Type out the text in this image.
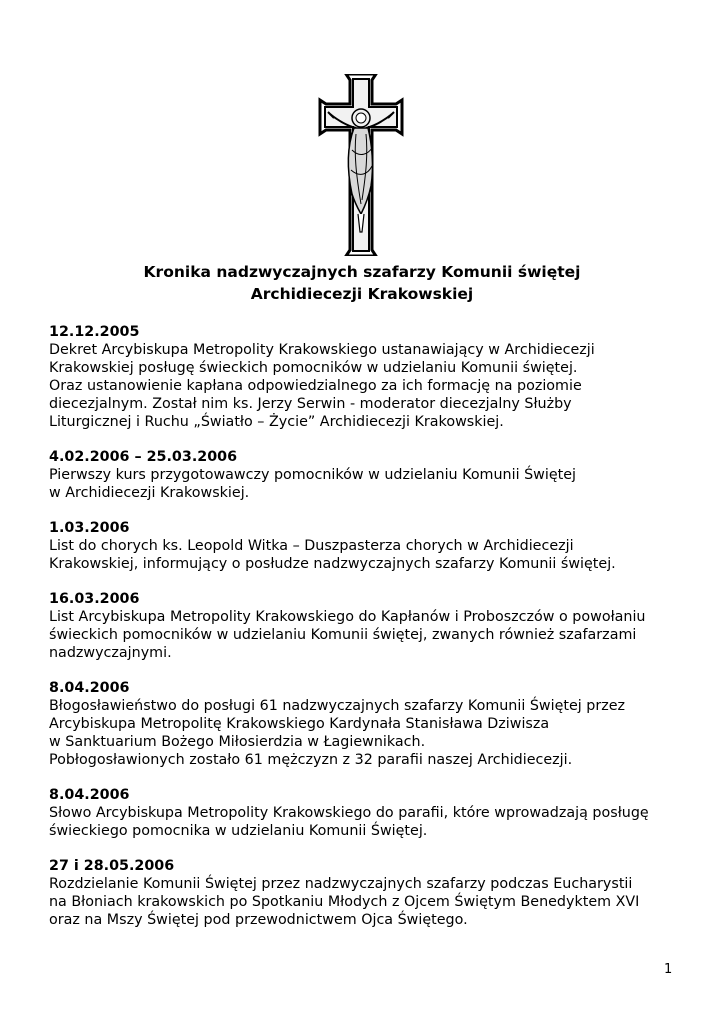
Kronika nadzwyczajnych szafarzy Komunii świętej
Archidiecezji Krakowskiej
12.12.2005
Dekret Arcybiskupa Metropolity Krakowskiego ustanawiający w Archidiecezji
Krakowskiej posługę świeckich pomocników w udzielaniu Komunii świętej.
Oraz ustanowienie kapłana odpowiedzialnego za ich formację na poziomie
diecezjalnym. Został nim ks. Jerzy Serwin - moderator diecezjalny Służby
Liturgicznej i Ruchu „Światło – Życie” Archidiecezji Krakowskiej.
4.02.2006 – 25.03.2006
Pierwszy kurs przygotowawczy pomocników w udzielaniu Komunii Świętej
w Archidiecezji Krakowskiej.
1.03.2006
List do chorych ks. Leopold Witka – Duszpasterza chorych w Archidiecezji
Krakowskiej, informujący o posłudze nadzwyczajnych szafarzy Komunii świętej.
16.03.2006
List Arcybiskupa Metropolity Krakowskiego do Kapłanów i Proboszczów o powołaniu
świeckich pomocników w udzielaniu Komunii świętej, zwanych również szafarzami
nadzwyczajnymi.
8.04.2006
Błogosławieństwo do posługi 61 nadzwyczajnych szafarzy Komunii Świętej przez
Arcybiskupa Metropolitę Krakowskiego Kardynała Stanisława Dziwisza
w Sanktuarium Bożego Miłosierdzia w Łagiewnikach.
Pobłogosławionych zostało 61 mężczyzn z 32 parafii naszej Archidiecezji.
8.04.2006
Słowo Arcybiskupa Metropolity Krakowskiego do parafii, które wprowadzają posługę
świeckiego pomocnika w udzielaniu Komunii Świętej.
27 i 28.05.2006
Rozdzielanie Komunii Świętej przez nadzwyczajnych szafarzy podczas Eucharystii
na Błoniach krakowskich po Spotkaniu Młodych z Ojcem Świętym Benedyktem XVI
oraz na Mszy Świętej pod przewodnictwem Ojca Świętego.
1
